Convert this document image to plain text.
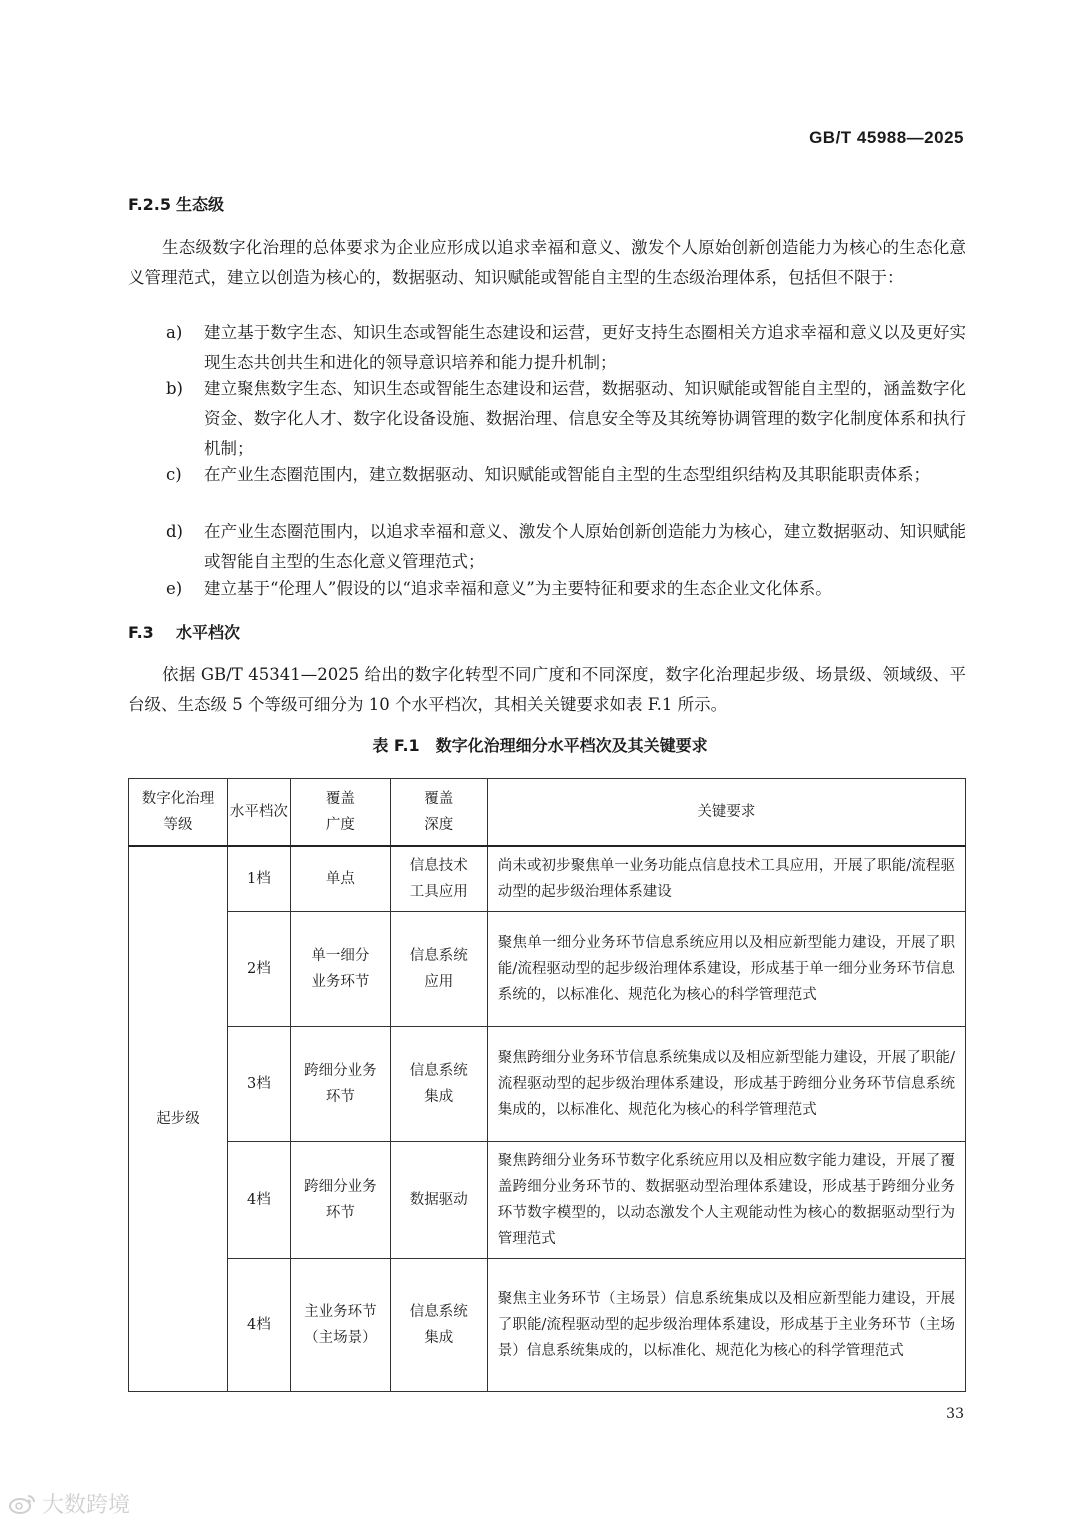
GB/T 45988—2025
F.2.5 生态级

生态级数字化治理的总体要求为企业应形成以追求幸福和意义、激发个人原始创新创造能力为核心的生态化意义管理范式，建立以创造为核心的，数据驱动、知识赋能或智能自主型的生态级治理体系，包括但不限于：

a)	建立基于数字生态、知识生态或智能生态建设和运营，更好支持生态圈相关方追求幸福和意义以及更好实现生态共创共生和进化的领导意识培养和能力提升机制；
b)	建立聚焦数字生态、知识生态或智能生态建设和运营，数据驱动、知识赋能或智能自主型的，涵盖数字化资金、数字化人才、数字化设备设施、数据治理、信息安全等及其统筹协调管理的数字化制度体系和执行机制；
c)	在产业生态圈范围内，建立数据驱动、知识赋能或智能自主型的生态型组织结构及其职能职责体系；
d)	在产业生态圈范围内，以追求幸福和意义、激发个人原始创新创造能力为核心，建立数据驱动、知识赋能或智能自主型的生态化意义管理范式；
e)	建立基于“伦理人”假设的以“追求幸福和意义”为主要特征和要求的生态企业文化体系。
F.3 水平档次

依据 GB/T 45341—2025 给出的数字化转型不同广度和不同深度，数字化治理起步级、场景级、领域级、平台级、生态级 5 个等级可细分为 10 个水平档次，其相关关键要求如表 F.1 所示。

表 F.1　数字化治理细分水平档次及其关键要求
数字化治理等级	水平档次	覆盖广度	覆盖深度	关键要求
起步级	1档	单点	信息技术工具应用	尚未或初步聚焦单一业务功能点信息技术工具应用，开展了职能/流程驱动型的起步级治理体系建设
	2档	单一细分业务环节	信息系统应用	聚焦单一细分业务环节信息系统应用以及相应新型能力建设，开展了职能/流程驱动型的起步级治理体系建设，形成基于单一细分业务环节信息系统的，以标准化、规范化为核心的科学管理范式
	3档	跨细分业务环节	信息系统集成	聚焦跨细分业务环节信息系统集成以及相应新型能力建设，开展了职能/流程驱动型的起步级治理体系建设，形成基于跨细分业务环节信息系统集成的，以标准化、规范化为核心的科学管理范式
	4档	跨细分业务环节	数据驱动	聚焦跨细分业务环节数字化系统应用以及相应数字能力建设，开展了覆盖跨细分业务环节的、数据驱动型治理体系建设，形成基于跨细分业务环节数字模型的，以动态激发个人主观能动性为核心的数据驱动型行为管理范式
	4档	主业务环节（主场景）	信息系统集成	聚焦主业务环节（主场景）信息系统集成以及相应新型能力建设，开展了职能/流程驱动型的起步级治理体系建设，形成基于主业务环节（主场景）信息系统集成的，以标准化、规范化为核心的科学管理范式
33
大数跨境
